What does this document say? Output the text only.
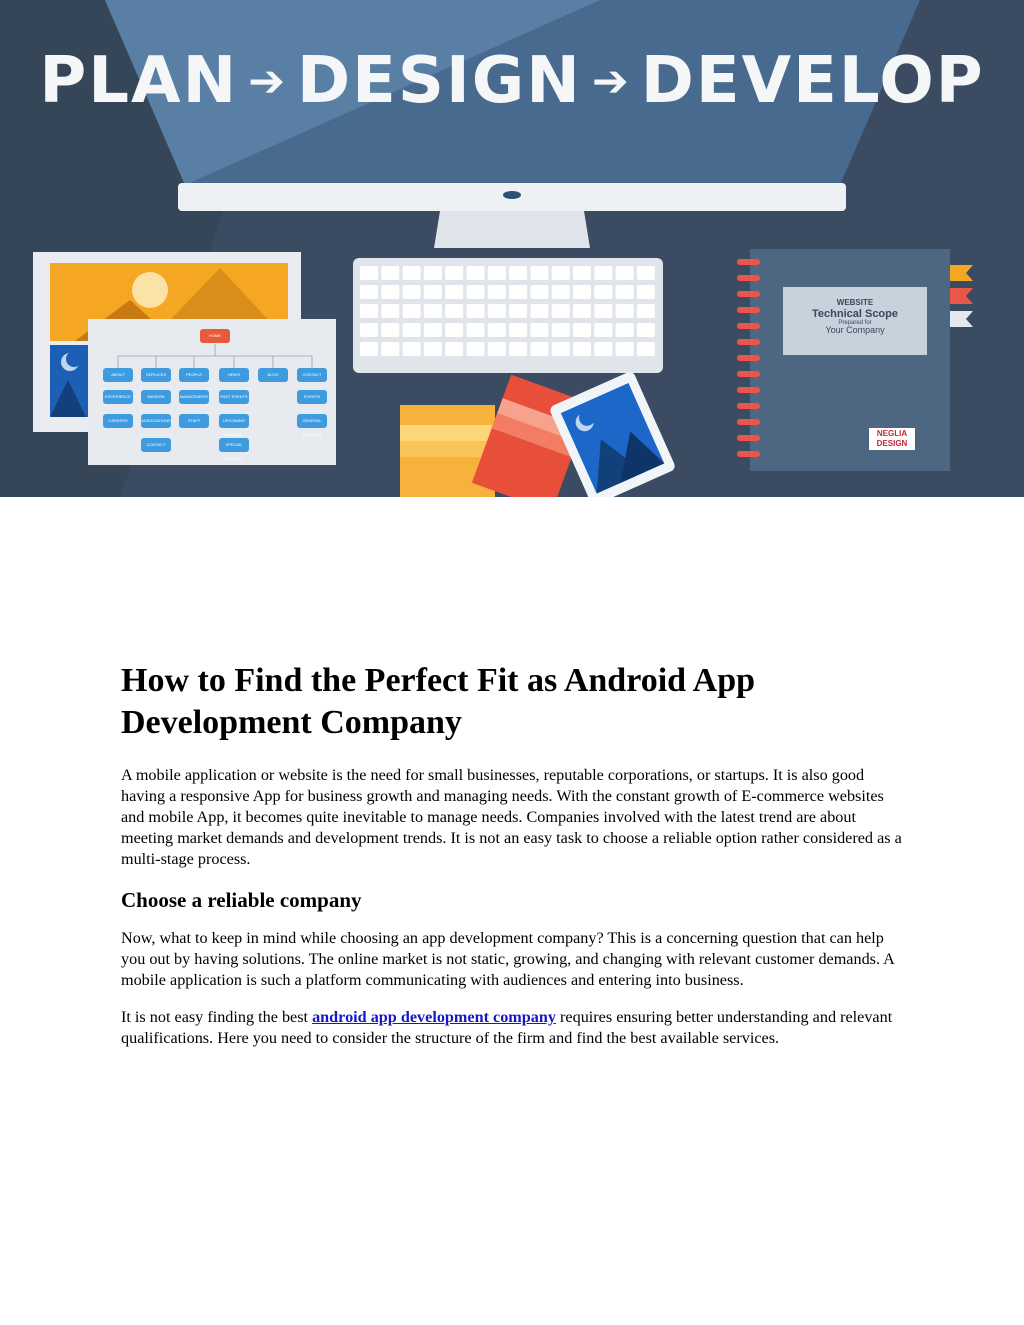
PLAN ➔ DESIGN ➔ DEVELOP
WEBSITE
Technical Scope
Prepared for
Your Company
NEGLIA
DESIGN
HOME
ABOUT	SERVICES	PEOPLE	NEWS	BLOG	CONTACT
EXPERIENCE	MISSION	MANAGEMENT	PAST EVENTS	EVENTS
CAREERS	ASSOCIATIONS	STAFF	UPCOMING EVENTS
GENERAL INQUIRIES
CONTACT	SPECIAL EVENTS
How to Find the Perfect Fit as Android App Development Company

A mobile application or website is the need for small businesses, reputable corporations, or startups. It is also good having a responsive App for business growth and managing needs. With the constant growth of E-commerce websites and mobile App, it becomes quite inevitable to manage needs. Companies involved with the latest trend are about meeting market demands and development trends. It is not an easy task to choose a reliable option rather considered as a multi-stage process.

Choose a reliable company

Now, what to keep in mind while choosing an app development company? This is a concerning question that can help you out by having solutions. The online market is not static, growing, and changing with relevant customer demands. A mobile application is such a platform communicating with audiences and entering into business.

It is not easy finding the best android app development company requires ensuring better understanding and relevant qualifications. Here you need to consider the structure of the firm and find the best available services.
